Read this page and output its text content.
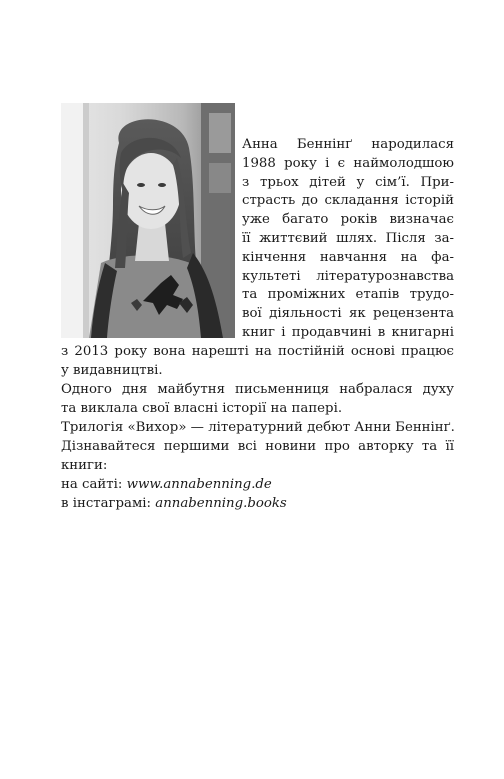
Анна Беннінґ народилася
1988 року і є наймолодшою
з трьох дітей у сім’ї. При-
страсть до складання історій
уже багато років визначає
її життєвий шлях. Після за-
кінчення навчання на фа-
культеті літературознавства
та проміжних етапів трудо-
вої діяльності як рецензента
книг і продавчині в книгарні
з 2013 року вона нарешті на постійній основі працює
у видавництві.
Одного дня майбутня письменниця набралася духу
та виклала свої власні історії на папері.
Трилогія «Вихор» — літературний дебют Анни Беннінґ.
Дізнавайтеся першими всі новини про авторку та її
книги:
на сайті: www.annabenning.de
в інстаграмі: annabenning.books
